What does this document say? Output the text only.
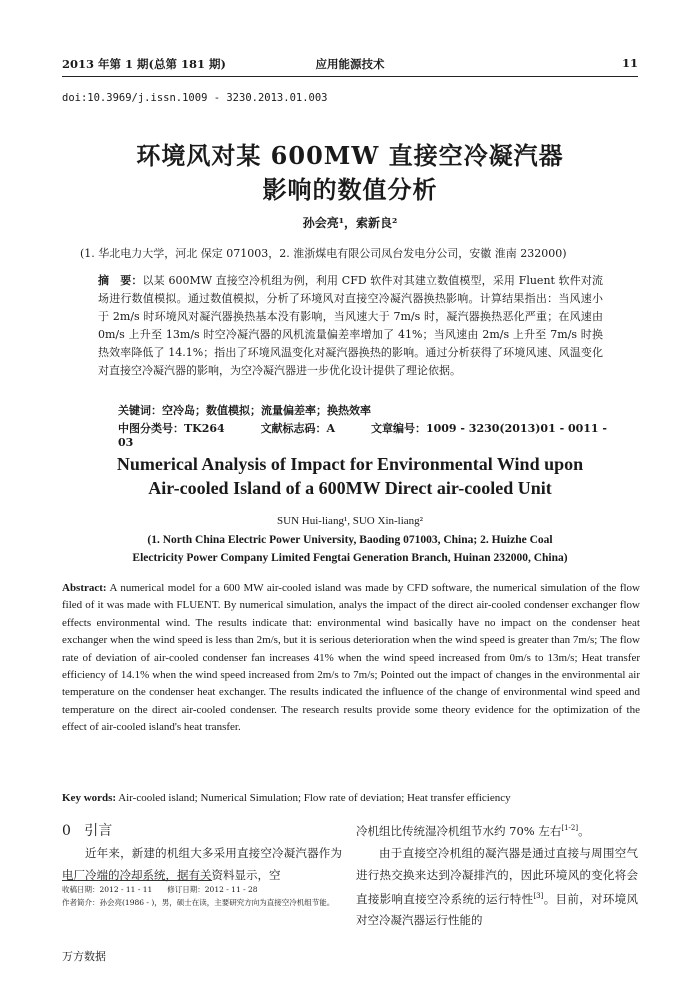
2013 年第 1 期(总第 181 期)	应用能源技术	11
doi:10.3969/j.issn.1009 - 3230.2013.01.003
环境风对某 600MW 直接空冷凝汽器
影响的数值分析
孙会亮¹，索新良²
(1. 华北电力大学，河北 保定 071003，2. 淮浙煤电有限公司凤台发电分公司，安徽 淮南 232000)
摘　要：以某 600MW 直接空冷机组为例，利用 CFD 软件对其建立数值模型，采用 Fluent 软件对流场进行数值模拟。通过数值模拟，分析了环境风对直接空冷凝汽器换热影响。计算结果指出：当风速小于 2m/s 时环境风对凝汽器换热基本没有影响，当风速大于 7m/s 时，凝汽器换热恶化严重；在风速由 0m/s 上升至 13m/s 时空冷凝汽器的风机流量偏差率增加了 41%；当风速由 2m/s 上升至 7m/s 时换热效率降低了 14.1%；指出了环境风温变化对凝汽器换热的影响。通过分析获得了环境风速、风温变化对直接空冷凝汽器的影响，为空冷凝汽器进一步优化设计提供了理论依据。
关键词：空冷岛；数值模拟；流量偏差率；换热效率
中图分类号：TK264	文献标志码：A	文章编号：1009 - 3230(2013)01 - 0011 - 03
Numerical Analysis of Impact for Environmental Wind upon
Air-cooled Island of a 600MW Direct air-cooled Unit
SUN Hui-liang¹, SUO Xin-liang²
(1. North China Electric Power University, Baoding 071003, China; 2. Huizhe Coal
Electricity Power Company Limited Fengtai Generation Branch, Huinan 232000, China)
Abstract: A numerical model for a 600 MW air-cooled island was made by CFD software, the numerical simulation of the flow filed of it was made with FLUENT. By numerical simulation, analys the impact of the direct air-cooled condenser exchanger flow effects environmental wind. The results indicate that: environmental wind basically have no impact on the condenser heat exchanger when the wind speed is less than 2m/s, but it is serious deterioration when the wind speed is greater than 7m/s; The flow rate of deviation of air-cooled condenser fan increases 41% when the wind speed increased from 0m/s to 13m/s; Heat transfer efficiency of 14.1% when the wind speed increased from 2m/s to 7m/s; Pointed out the impact of changes in the environmental air temperature on the condenser heat exchanger. The results indicated the influence of the change of environmental wind speed and temperature on the direct air-cooled condenser. The research results provide some theory evidence for the optimization of the effect of air-cooled island's heat transfer.
Key words: Air-cooled island; Numerical Simulation; Flow rate of deviation; Heat transfer efficiency
0 引言
近年来，新建的机组大多采用直接空冷凝汽器作为电厂冷端的冷却系统，据有关资料显示，空
冷机组比传统湿冷机组节水约 70% 左右[1-2]。
由于直接空冷机组的凝汽器是通过直接与周围空气进行热交换来达到冷凝排汽的，因此环境风的变化将会直接影响直接空冷系统的运行特性[3]。目前，对环境风对空冷凝汽器运行性能的
收稿日期：2012 - 11 - 11　　修订日期：2012 - 11 - 28
作者简介：孙会亮(1986 - )，男，硕士在读，主要研究方向为直接空冷机组节能。
万方数据
